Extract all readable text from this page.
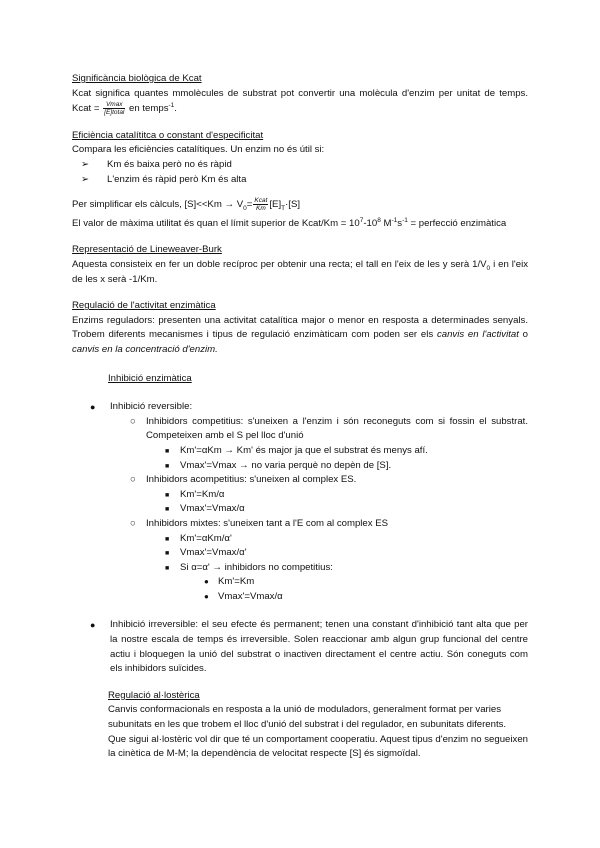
Significància biològica de Kcat

Kcat significa quantes mmolècules de substrat pot convertir una molècula d'enzim per unitat de temps. Kcat = $\frac{Vmax}{\text{[E]total}}$ en temps$^{-1}$.

Eficiència catalítitca o constant d'especificitat

Compara les eficiències catalítiques. Un enzim no és útil si:

➢ Km és baixa però no és ràpid
➢ L'enzim és ràpid però Km és alta

Per simplificar els càlculs, $[S]<<Km \to V_0= \frac{\text{Kcat}}{Km} [E]_T\cdot[S]$

El valor de màxima utilitat és quan el límit superior de Kcat/Km = $10^7-10^8$ $M^{-1}s^{-1}$ = perfecció enzimàtica

Representació de Lineweaver-Burk

Aquesta consisteix en fer un doble recíproc per obtenir una recta; el tall en l'eix de les y serà $1/V_0$ i en l'eix de les x serà -1/Km.

Regulació de l'activitat enzimàtica

Enzims reguladors: presenten una activitat catalítica major o menor en resposta a determinades senyals. Trobem diferents mecanismes i tipus de regulació enzimàticam com poden ser els canvis en l'activitat o canvis en la concentració d'enzim.

Inhibició enzimàtica

● Inhibició reversible:
○ Inhibidors competitius: s'uneixen a l'enzim i són reconeguts com si fossin el substrat. Competeixen amb el S pel lloc d'unió
■ Km'=αKm → Km' és major ja que el substrat és menys afí.
■ Vmax'=Vmax → no varia perquè no depèn de [S].
○ Inhibidors acompetitius: s'uneixen al complex ES.
■ Km'=Km/α
■ Vmax'=Vmax/α
○ Inhibidors mixtes: s'uneixen tant a l'E com al complex ES
■ Km'=αKm/α'
■ Vmax'=Vmax/α'
■ Si α=α' → inhibidors no competitius:
● Km'=Km
● Vmax'=Vmax/α
● Inhibició irreversible: el seu efecte és permanent; tenen una constant d'inhibició tant alta que per la nostre escala de temps és irreversible. Solen reaccionar amb algun grup funcional del centre actiu i bloquegen la unió del substrat o inactiven directament el centre actiu. Són coneguts com els inhibidors suïcides.

Regulació al·lostèrica

Canvis conformacionals en resposta a la unió de moduladors, generalment format per varies subunitats en les que trobem el lloc d'unió del substrat i del regulador, en subunitats diferents.

Que sigui al·lostèric vol dir que té un comportament cooperatiu. Aquest tipus d'enzim no segueixen la cinètica de M-M; la dependència de velocitat respecte [S] és sigmoïdal.
